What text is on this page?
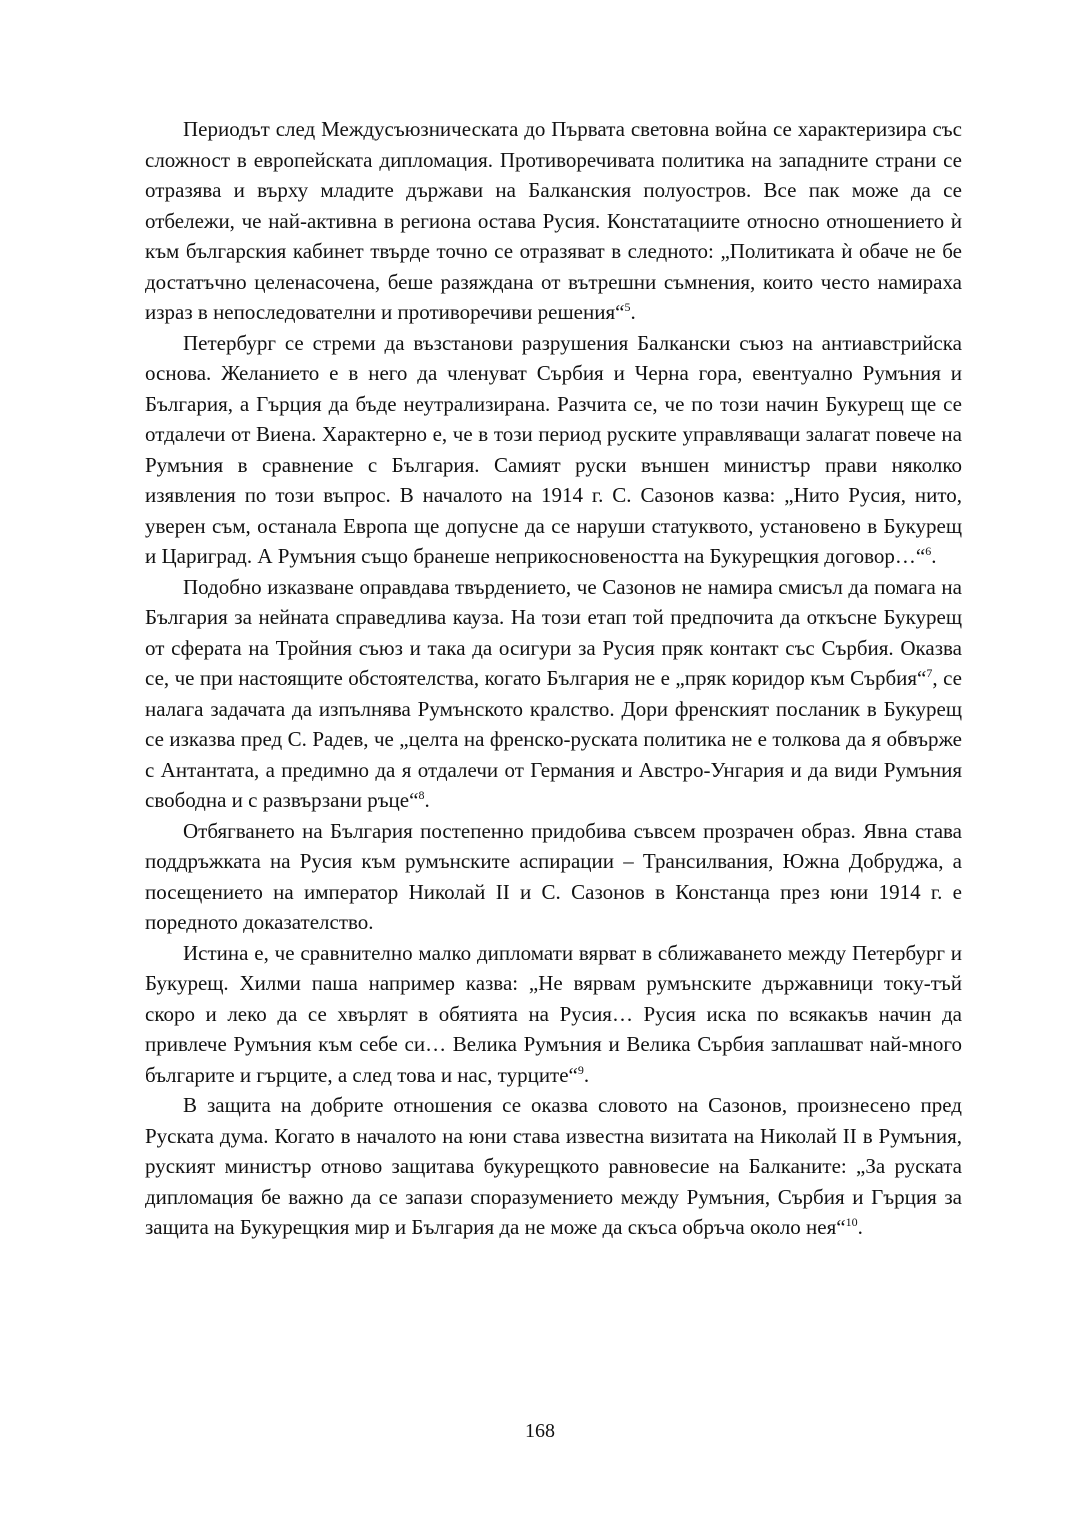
Периодът след Междусъюзническата до Първата световна война се характеризира със сложност в европейската дипломация. Противоречивата политика на западните страни се отразява и върху младите държави на Балканския полуостров. Все пак може да се отбележи, че най-активна в региона остава Русия. Констатациите относно отношението ѝ към българския кабинет твърде точно се отразяват в следното: „Политиката ѝ обаче не бе достатъчно целенасочена, беше разяждана от вътрешни съмнения, които често намираха израз в непоследователни и противоречиви решения“$^5$.

Петербург се стреми да възстанови разрушения Балкански съюз на антиавстрийска основа. Желанието е в него да членуват Сърбия и Черна гора, евентуално Румъния и България, а Гърция да бъде неутрализирана. Разчита се, че по този начин Букурещ ще се отдалечи от Виена. Характерно е, че в този период руските управляващи залагат повече на Румъния в сравнение с България. Самият руски външен министър прави няколко изявления по този въпрос. В началото на 1914 г. С. Сазонов казва: „Нито Русия, нито, уверен съм, останала Европа ще допусне да се наруши статуквото, установено в Букурещ и Цариград. А Румъния също бранеше неприкосновеността на Букурещкия договор…“$^6$.

Подобно изказване оправдава твърдението, че Сазонов не намира смисъл да помага на България за нейната справедлива кауза. На този етап той предпочита да откъсне Букурещ от сферата на Тройния съюз и така да осигури за Русия пряк контакт със Сърбия. Оказва се, че при настоящите обстоятелства, когато България не е „пряк коридор към Сърбия“$^7$, се налага задачата да изпълнява Румънското кралство. Дори френският посланик в Букурещ се изказва пред С. Радев, че „целта на френско-руската политика не е толкова да я обвърже с Антантата, а предимно да я отдалечи от Германия и Австро-Унгария и да види Румъния свободна и с развързани ръце“$^8$.

Отбягването на България постепенно придобива съвсем прозрачен образ. Явна става поддръжката на Русия към румънските аспирации – Трансилвания, Южна Добруджа, а посещението на император Николай II и С. Сазонов в Констанца през юни 1914 г. е поредното доказателство.

Истина е, че сравнително малко дипломати вярват в сближаването между Петербург и Букурещ. Хилми паша например казва: „Не вярвам румънските държавници току-тъй скоро и леко да се хвърлят в обятията на Русия… Русия иска по всякакъв начин да привлече Румъния към себе си… Велика Румъния и Велика Сърбия заплашват най-много българите и гърците, а след това и нас, турците“$^9$.

В защита на добрите отношения се оказва словото на Сазонов, произнесено пред Руската дума. Когато в началото на юни става известна визитата на Николай II в Румъния, руският министър отново защитава букурещкото равновесие на Балканите: „За руската дипломация бе важно да се запази споразумението между Румъния, Сърбия и Гърция за защита на Букурещкия мир и България да не може да скъса обръча около нея“$^{10}$.

168
